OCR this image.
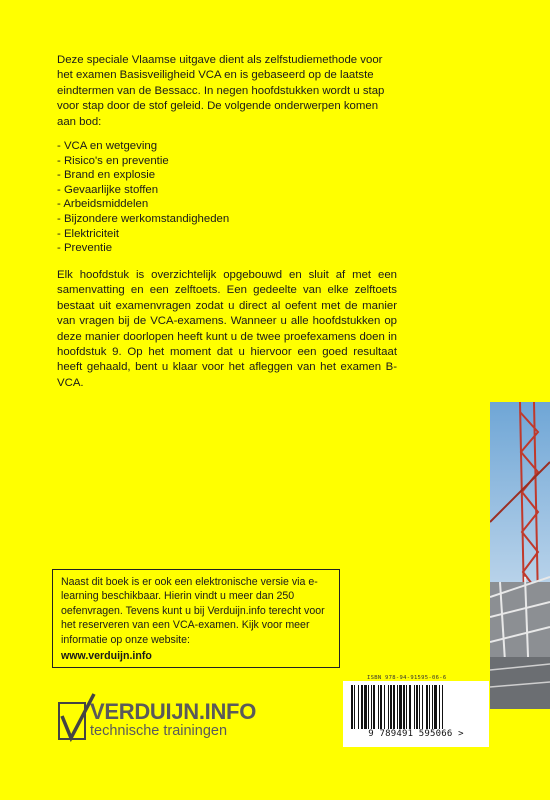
Deze speciale Vlaamse uitgave dient als zelfstudiemethode voor het examen Basisveiligheid VCA en is gebaseerd op de laatste eindtermen van de Bessacc. In negen hoofdstukken wordt u stap voor stap door de stof geleid. De volgende onderwerpen komen aan bod:
- VCA en wetgeving
- Risico's en preventie
- Brand en explosie
- Gevaarlijke stoffen
- Arbeidsmiddelen
- Bijzondere werkomstandigheden
- Elektriciteit
- Preventie
Elk hoofdstuk is overzichtelijk opgebouwd en sluit af met een samenvatting en een zelftoets. Een gedeelte van elke zelftoets bestaat uit examenvragen zodat u direct al oefent met de manier van vragen bij de VCA-examens. Wanneer u alle hoofdstukken op deze manier doorlopen heeft kunt u de twee proefexamens doen in hoofdstuk 9. Op het moment dat u hiervoor een goed resultaat heeft gehaald, bent u klaar voor het afleggen van het examen B-VCA.
Naast dit boek is er ook een elektronische versie via e-learning beschikbaar. Hierin vindt u meer dan 250 oefenvragen. Tevens kunt u bij Verduijn.info terecht voor het reserveren van een VCA-examen. Kijk voor meer informatie op onze website:
www.verduijn.info
ISBN 978-94-91595-06-6
9 789491 595066 >
VERDUIJN.INFO
technische trainingen
